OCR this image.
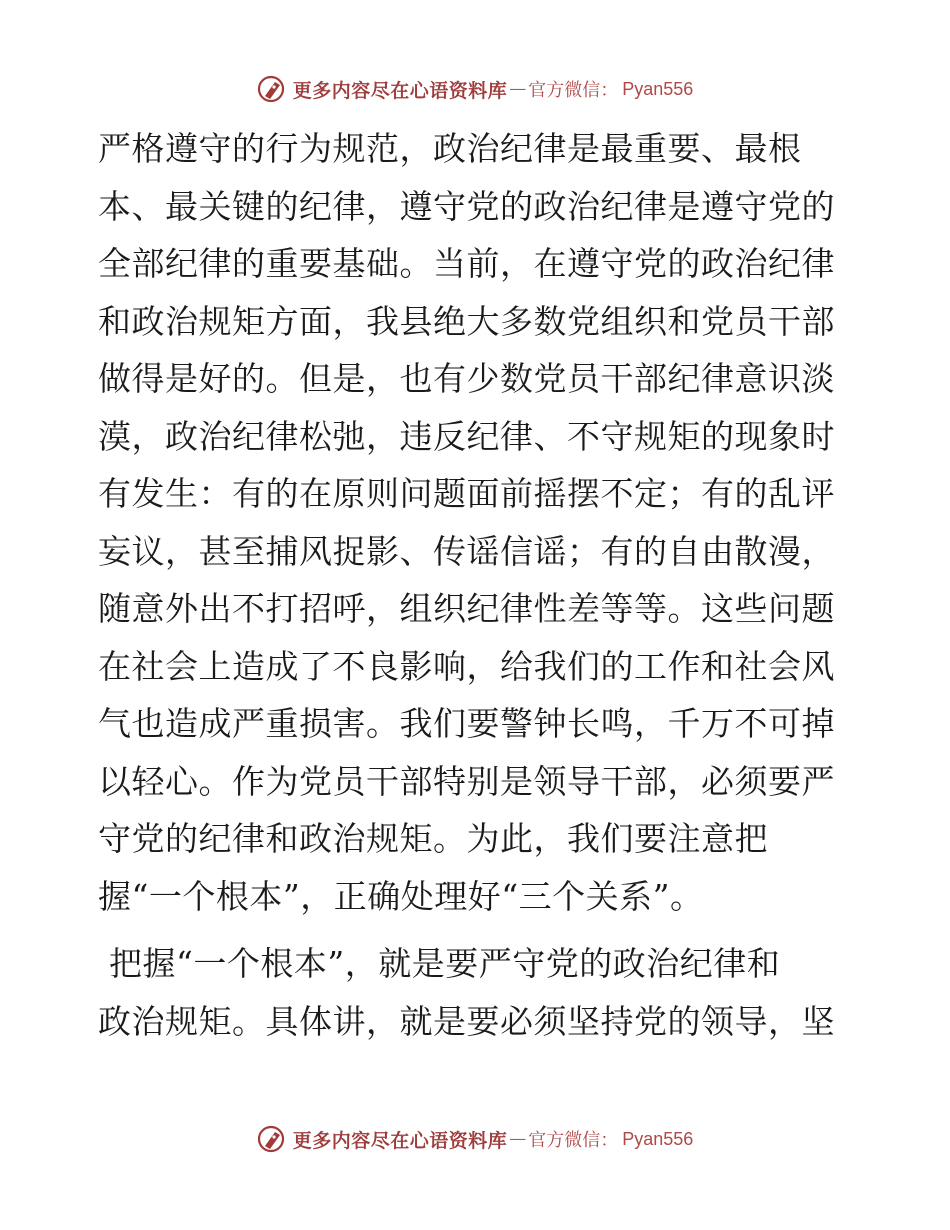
更多内容尽在心语资料库 — 官方微信： Pyan556
严格遵守的行为规范，政治纪律是最重要、最根
本、最关键的纪律，遵守党的政治纪律是遵守党的
全部纪律的重要基础。当前，在遵守党的政治纪律
和政治规矩方面，我县绝大多数党组织和党员干部
做得是好的。但是，也有少数党员干部纪律意识淡
漠，政治纪律松弛，违反纪律、不守规矩的现象时
有发生：有的在原则问题面前摇摆不定；有的乱评
妄议，甚至捕风捉影、传谣信谣；有的自由散漫，
随意外出不打招呼，组织纪律性差等等。这些问题
在社会上造成了不良影响，给我们的工作和社会风
气也造成严重损害。我们要警钟长鸣，千万不可掉
以轻心。作为党员干部特别是领导干部，必须要严
守党的纪律和政治规矩。为此，我们要注意把
握“一个根本”，正确处理好“三个关系”。
把握“一个根本”，就是要严守党的政治纪律和
政治规矩。具体讲，就是要必须坚持党的领导，坚
更多内容尽在心语资料库 — 官方微信： Pyan556
